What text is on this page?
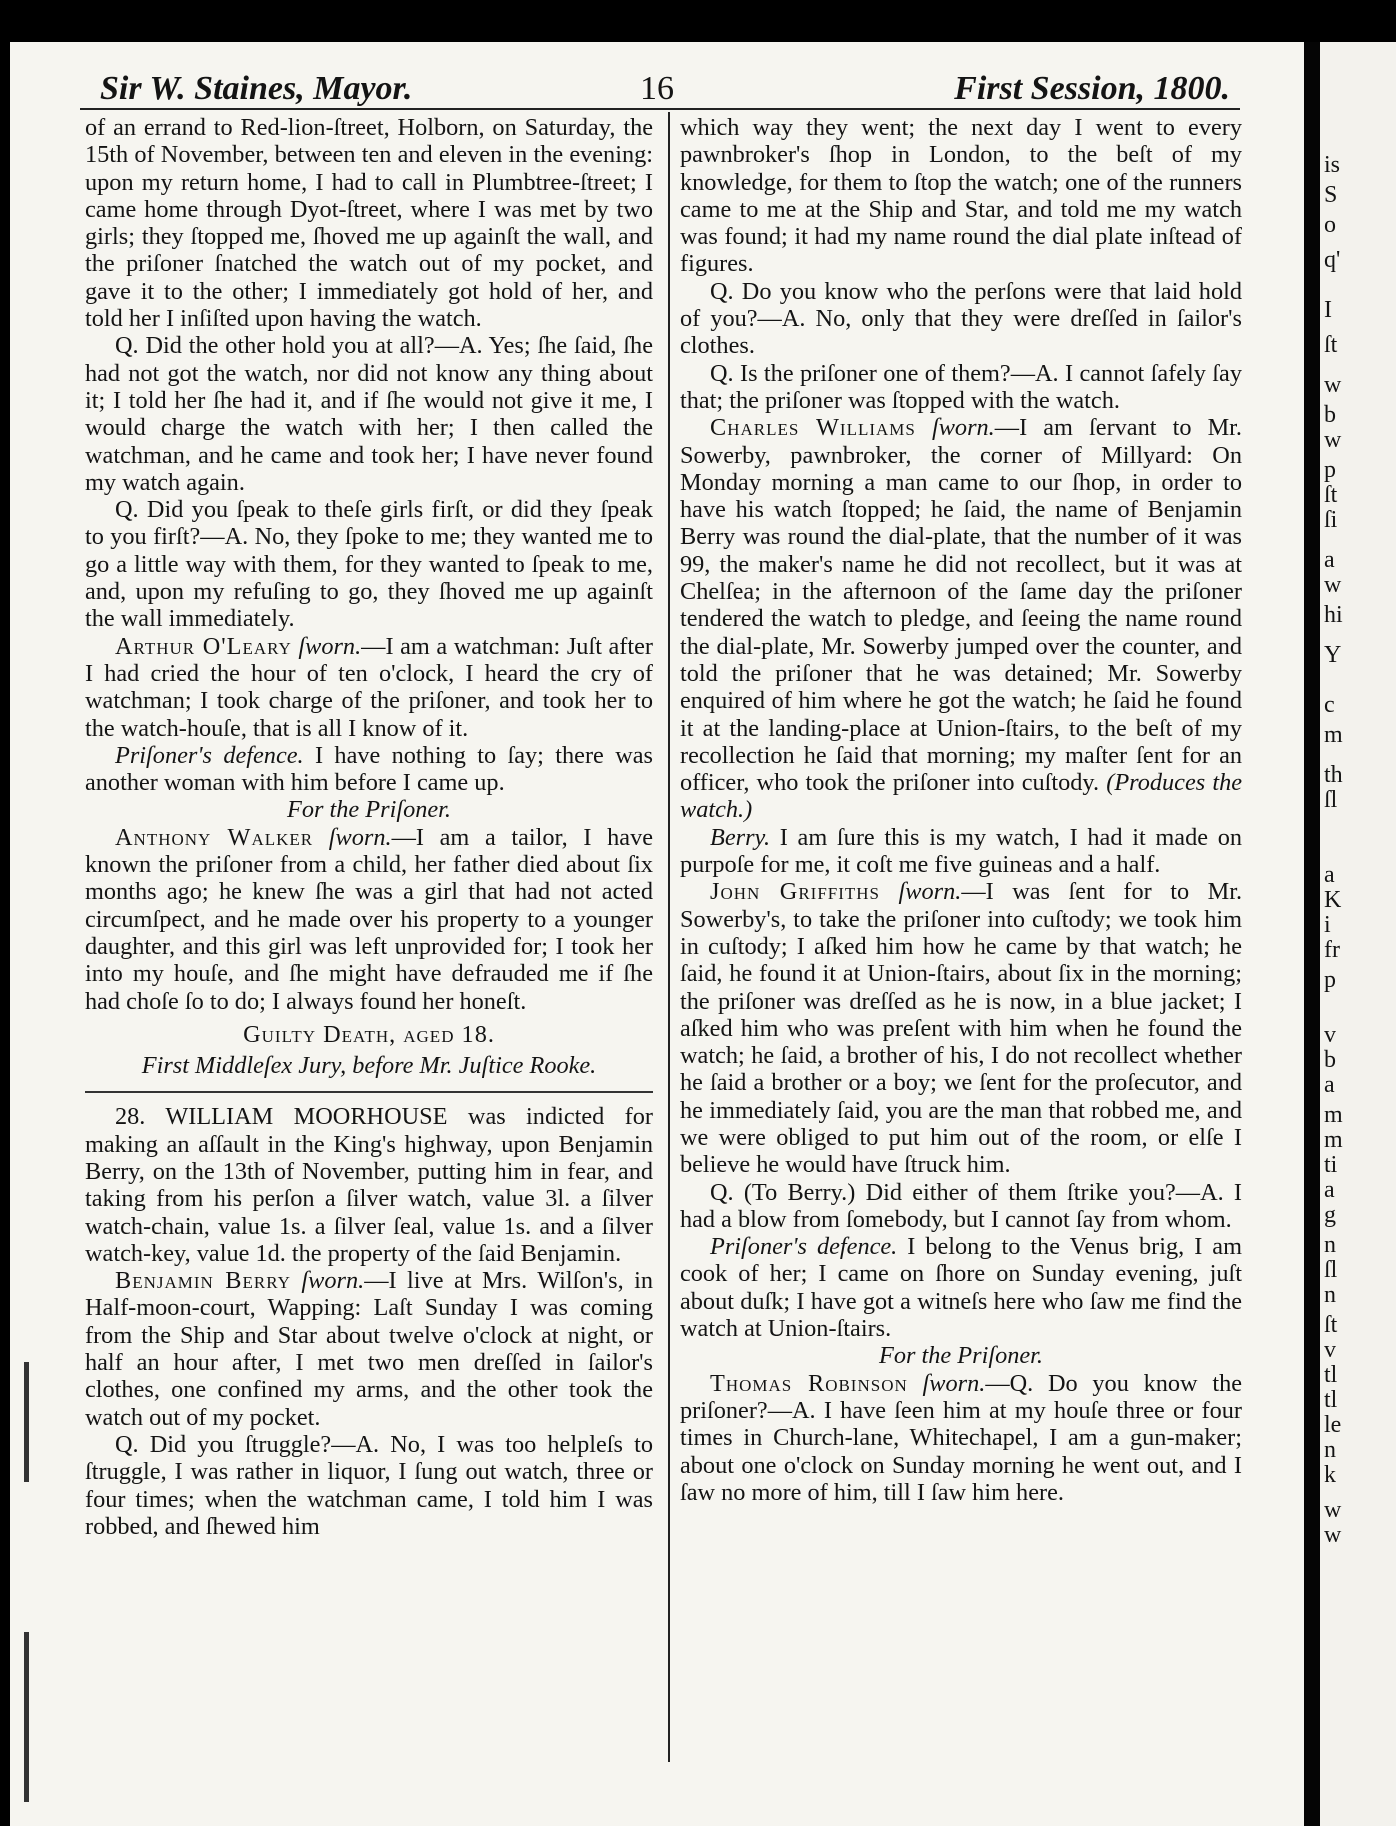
Sir W. Staines, Mayor.	16	First Session, 1800.

of an errand to Red-lion-ſtreet, Holborn, on Saturday, the 15th of November, between ten and eleven in the evening: upon my return home, I had to call in Plumbtree-ſtreet; I came home through Dyot-ſtreet, where I was met by two girls; they ſtopped me, ſhoved me up againſt the wall, and the priſoner ſnatched the watch out of my pocket, and gave it to the other; I immediately got hold of her, and told her I inſiſted upon having the watch.

Q. Did the other hold you at all?—A. Yes; ſhe ſaid, ſhe had not got the watch, nor did not know any thing about it; I told her ſhe had it, and if ſhe would not give it me, I would charge the watch with her; I then called the watchman, and he came and took her; I have never found my watch again.

Q. Did you ſpeak to theſe girls firſt, or did they ſpeak to you firſt?—A. No, they ſpoke to me; they wanted me to go a little way with them, for they wanted to ſpeak to me, and, upon my refuſing to go, they ſhoved me up againſt the wall immediately.

Arthur O'Leary ſworn.—I am a watchman: Juſt after I had cried the hour of ten o'clock, I heard the cry of watchman; I took charge of the priſoner, and took her to the watch-houſe, that is all I know of it.

Priſoner's defence. I have nothing to ſay; there was another woman with him before I came up.

For the Priſoner.

Anthony Walker ſworn.—I am a tailor, I have known the priſoner from a child, her father died about ſix months ago; he knew ſhe was a girl that had not acted circumſpect, and he made over his property to a younger daughter, and this girl was left unprovided for; I took her into my houſe, and ſhe might have defrauded me if ſhe had choſe ſo to do; I always found her honeſt.

Guilty Death, aged 18.

First Middleſex Jury, before Mr. Juſtice Rooke.

28. WILLIAM MOORHOUSE was indicted for making an aſſault in the King's highway, upon Benjamin Berry, on the 13th of November, putting him in fear, and taking from his perſon a ſilver watch, value 3l. a ſilver watch-chain, value 1s. a ſilver ſeal, value 1s. and a ſilver watch-key, value 1d. the property of the ſaid Benjamin.

Benjamin Berry ſworn.—I live at Mrs. Wilſon's, in Half-moon-court, Wapping: Laſt Sunday I was coming from the Ship and Star about twelve o'clock at night, or half an hour after, I met two men dreſſed in ſailor's clothes, one confined my arms, and the other took the watch out of my pocket.

Q. Did you ſtruggle?—A. No, I was too helpleſs to ſtruggle, I was rather in liquor, I ſung out watch, three or four times; when the watchman came, I told him I was robbed, and ſhewed him

which way they went; the next day I went to every pawnbroker's ſhop in London, to the beſt of my knowledge, for them to ſtop the watch; one of the runners came to me at the Ship and Star, and told me my watch was found; it had my name round the dial plate inſtead of figures.

Q. Do you know who the perſons were that laid hold of you?—A. No, only that they were dreſſed in ſailor's clothes.

Q. Is the priſoner one of them?—A. I cannot ſafely ſay that; the priſoner was ſtopped with the watch.

Charles Williams ſworn.—I am ſervant to Mr. Sowerby, pawnbroker, the corner of Millyard: On Monday morning a man came to our ſhop, in order to have his watch ſtopped; he ſaid, the name of Benjamin Berry was round the dial-plate, that the number of it was 99, the maker's name he did not recollect, but it was at Chelſea; in the afternoon of the ſame day the priſoner tendered the watch to pledge, and ſeeing the name round the dial-plate, Mr. Sowerby jumped over the counter, and told the priſoner that he was detained; Mr. Sowerby enquired of him where he got the watch; he ſaid he found it at the landing-place at Union-ſtairs, to the beſt of my recollection he ſaid that morning; my maſter ſent for an officer, who took the priſoner into cuſtody. (Produces the watch.)

Berry. I am ſure this is my watch, I had it made on purpoſe for me, it coſt me five guineas and a half.

John Griffiths ſworn.—I was ſent for to Mr. Sowerby's, to take the priſoner into cuſtody; we took him in cuſtody; I aſked him how he came by that watch; he ſaid, he found it at Union-ſtairs, about ſix in the morning; the priſoner was dreſſed as he is now, in a blue jacket; I aſked him who was preſent with him when he found the watch; he ſaid, a brother of his, I do not recollect whether he ſaid a brother or a boy; we ſent for the proſecutor, and he immediately ſaid, you are the man that robbed me, and we were obliged to put him out of the room, or elſe I believe he would have ſtruck him.

Q. (To Berry.) Did either of them ſtrike you?—A. I had a blow from ſomebody, but I cannot ſay from whom.

Priſoner's defence. I belong to the Venus brig, I am cook of her; I came on ſhore on Sunday evening, juſt about duſk; I have got a witneſs here who ſaw me find the watch at Union-ſtairs.

For the Priſoner.

Thomas Robinson ſworn.—Q. Do you know the priſoner?—A. I have ſeen him at my houſe three or four times in Church-lane, Whitechapel, I am a gun-maker; about one o'clock on Sunday morning he went out, and I ſaw no more of him, till I ſaw him here.

is
S
o
q'
I
ſt
w
b
w
p
ſt
ſi
a
w
hi
Y
c
m
th
ſl
a
K
i
fr
p
v
b
a
m
m
ti
a
g
n
ſl
n
ſt
v
tl
tl
le
n
k
w
w
